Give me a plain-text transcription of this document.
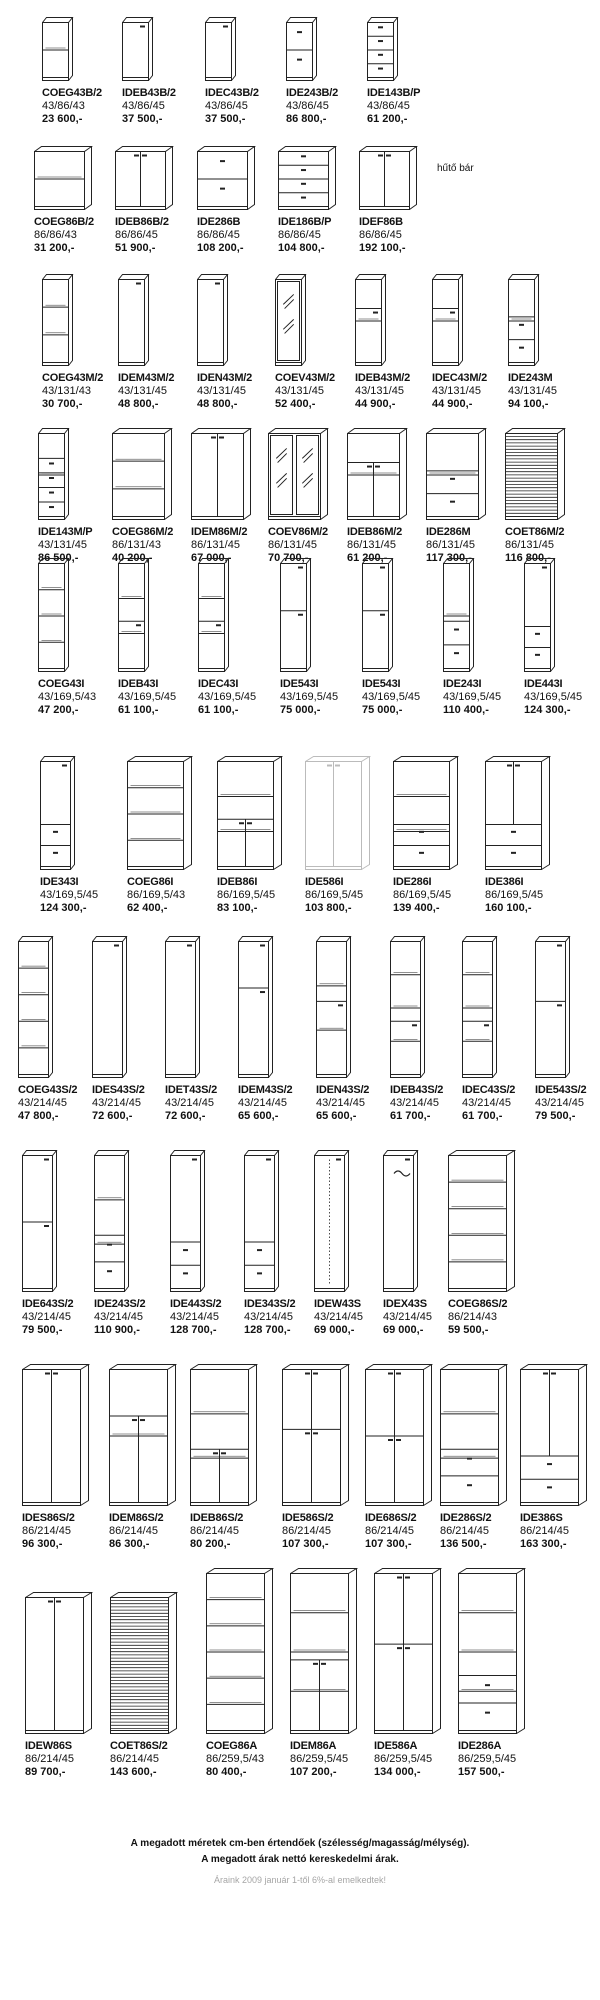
COEG43B/2
43/86/43
23 600,-
IDEB43B/2
43/86/45
37 500,-
IDEC43B/2
43/86/45
37 500,-
IDE243B/2
43/86/45
86 800,-
IDE143B/P
43/86/45
61 200,-
COEG86B/2
86/86/43
31 200,-
IDEB86B/2
86/86/45
51 900,-
IDE286B
86/86/45
108 200,-
IDE186B/P
86/86/45
104 800,-
IDEF86B
86/86/45
192 100,-
COEG43M/2
43/131/43
30 700,-
IDEM43M/2
43/131/45
48 800,-
IDEN43M/2
43/131/45
48 800,-
COEV43M/2
43/131/45
52 400,-
IDEB43M/2
43/131/45
44 900,-
IDEC43M/2
43/131/45
44 900,-
IDE243M
43/131/45
94 100,-
IDE143M/P
43/131/45
86 500,-
COEG86M/2
86/131/43
40 200,-
IDEM86M/2
86/131/45
67 000,-
COEV86M/2
86/131/45
70 700,-
IDEB86M/2
86/131/45
61 200,-
IDE286M
86/131/45
117 300,-
COET86M/2
86/131/45
116 800,-
COEG43I
43/169,5/43
47 200,-
IDEB43I
43/169,5/45
61 100,-
IDEC43I
43/169,5/45
61 100,-
IDE543I
43/169,5/45
75 000,-
IDE543I
43/169,5/45
75 000,-
IDE243I
43/169,5/45
110 400,-
IDE443I
43/169,5/45
124 300,-
IDE343I
43/169,5/45
124 300,-
COEG86I
86/169,5/43
62 400,-
IDEB86I
86/169,5/45
83 100,-
IDE586I
86/169,5/45
103 800,-
IDE286I
86/169,5/45
139 400,-
IDE386I
86/169,5/45
160 100,-
COEG43S/2
43/214/45
47 800,-
IDES43S/2
43/214/45
72 600,-
IDET43S/2
43/214/45
72 600,-
IDEM43S/2
43/214/45
65 600,-
IDEN43S/2
43/214/45
65 600,-
IDEB43S/2
43/214/45
61 700,-
IDEC43S/2
43/214/45
61 700,-
IDE543S/2
43/214/45
79 500,-
IDE643S/2
43/214/45
79 500,-
IDE243S/2
43/214/45
110 900,-
IDE443S/2
43/214/45
128 700,-
IDE343S/2
43/214/45
128 700,-
IDEW43S
43/214/45
69 000,-
IDEX43S
43/214/45
69 000,-
COEG86S/2
86/214/43
59 500,-
IDES86S/2
86/214/45
96 300,-
IDEM86S/2
86/214/45
86 300,-
IDEB86S/2
86/214/45
80 200,-
IDE586S/2
86/214/45
107 300,-
IDE686S/2
86/214/45
107 300,-
IDE286S/2
86/214/45
136 500,-
IDE386S
86/214/45
163 300,-
IDEW86S
86/214/45
89 700,-
COET86S/2
86/214/45
143 600,-
COEG86A
86/259,5/43
80 400,-
IDEM86A
86/259,5/45
107 200,-
IDE586A
86/259,5/45
134 000,-
IDE286A
86/259,5/45
157 500,-
hűtő bár
A megadott méretek cm-ben értendőek (szélesség/magasság/mélység).
A megadott árak nettó kereskedelmi árak.
Áraink 2009 január 1-től 6%-al emelkedtek!
